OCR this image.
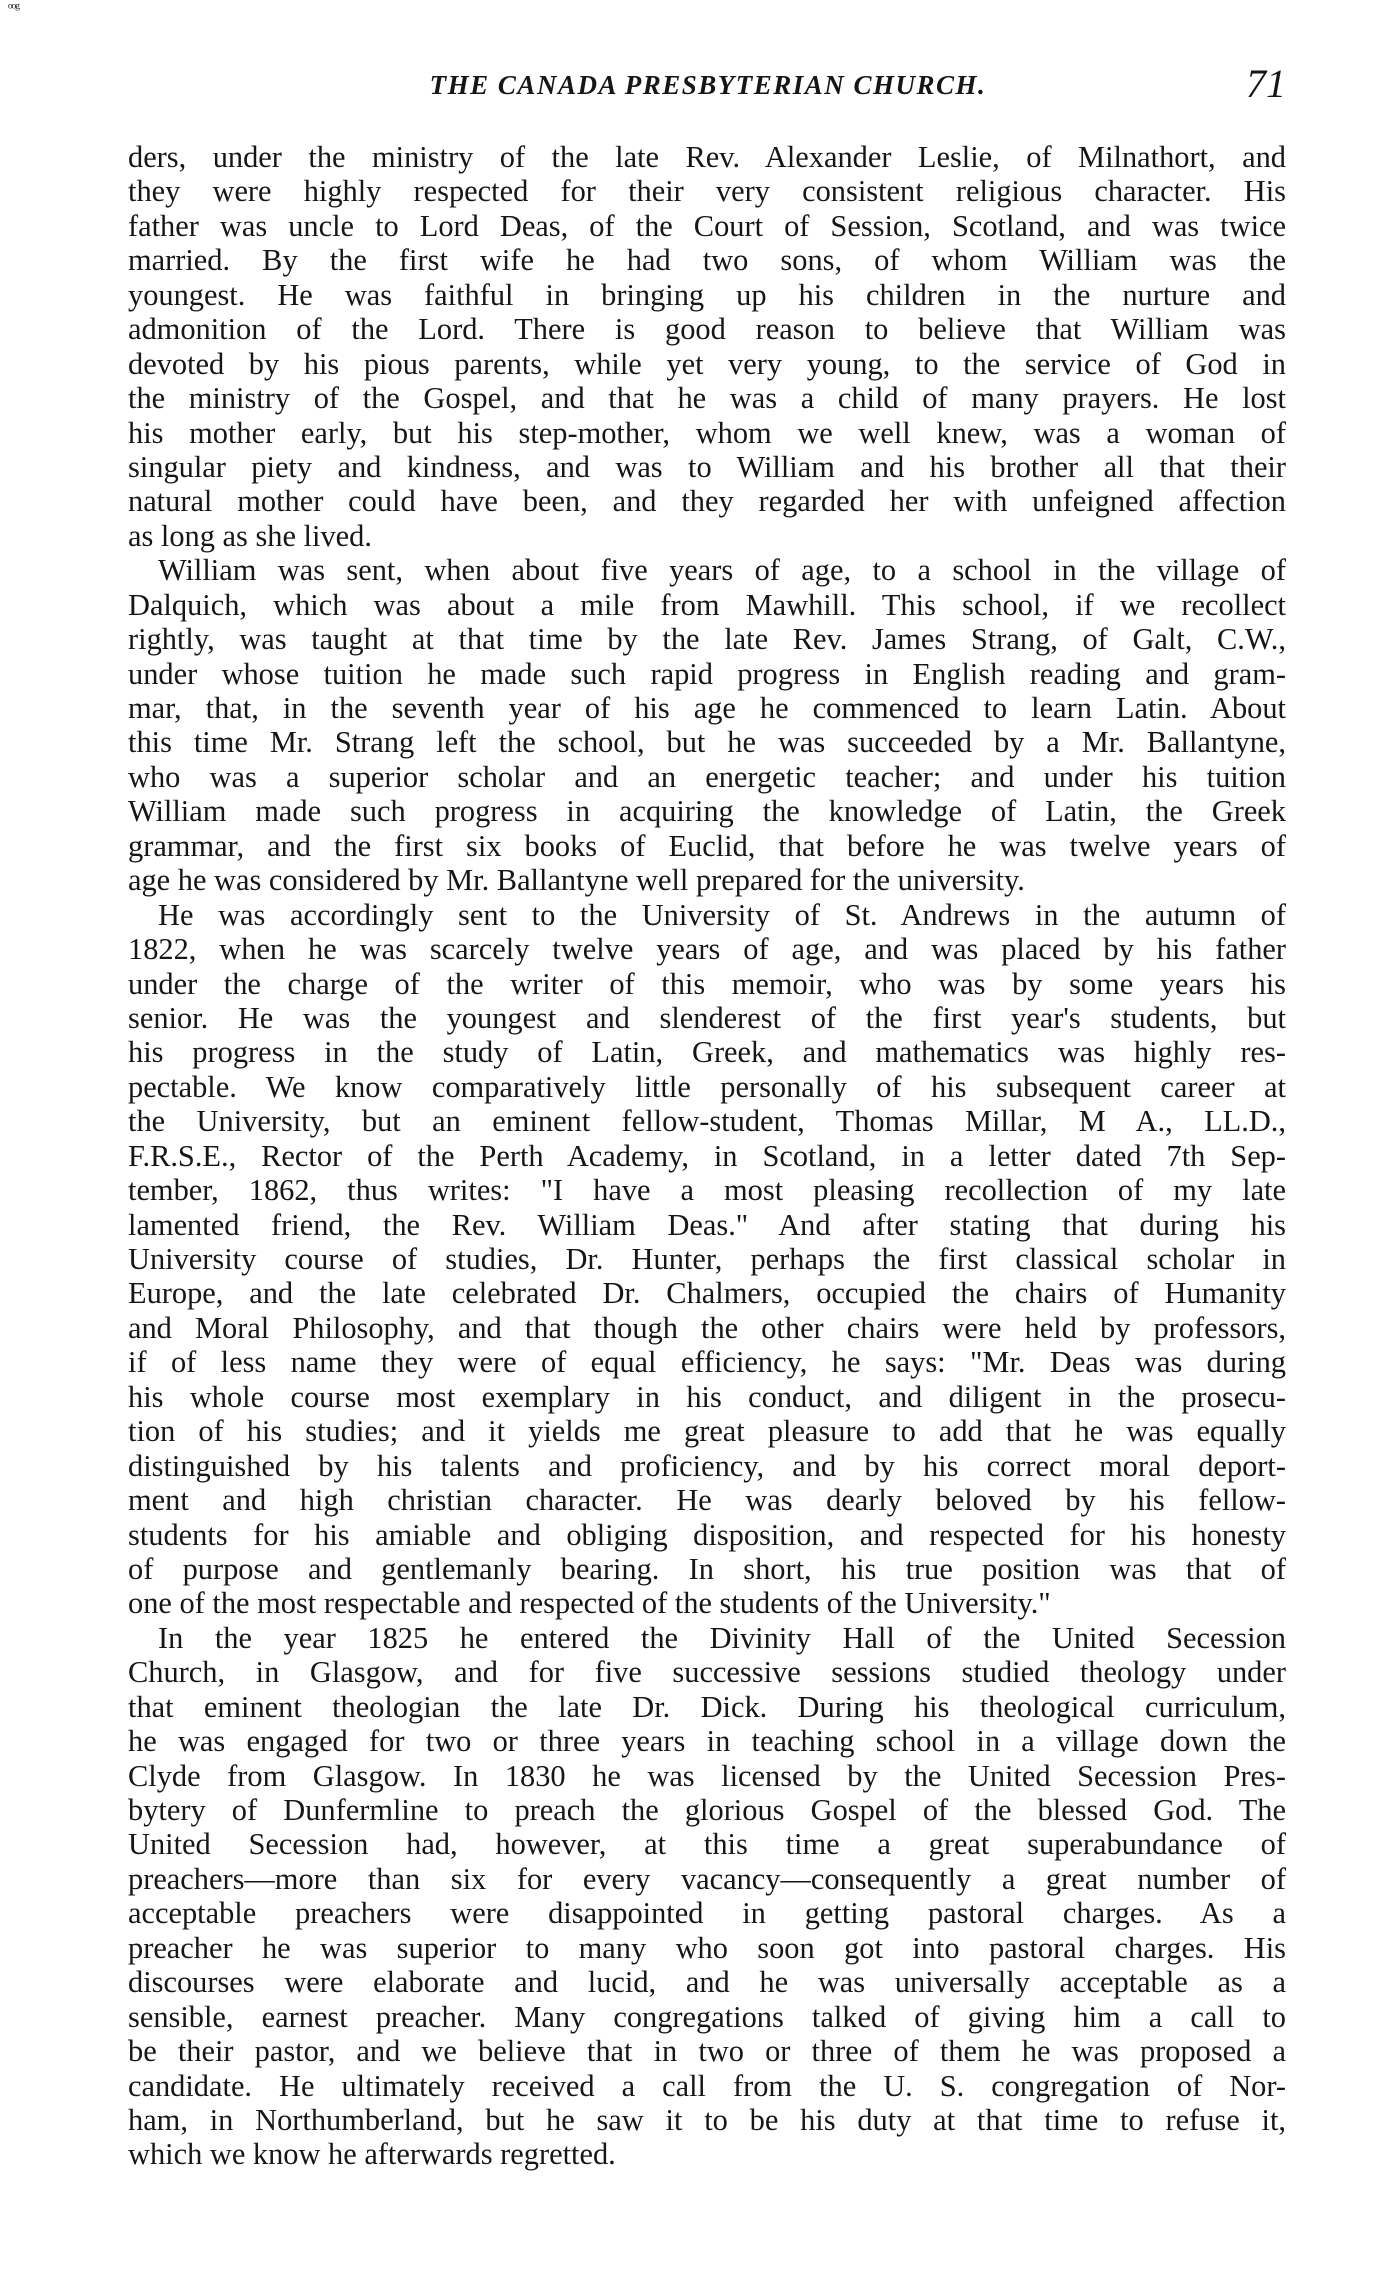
ᵒᵒᵍ
THE CANADA PRESBYTERIAN CHURCH.	71
ders, under the ministry of the late Rev. Alexander Leslie, of Milnathort, and
they were highly respected for their very consistent religious character. His
father was uncle to Lord Deas, of the Court of Session, Scotland, and was twice
married. By the first wife he had two sons, of whom William was the
youngest. He was faithful in bringing up his children in the nurture and
admonition of the Lord. There is good reason to believe that William was
devoted by his pious parents, while yet very young, to the service of God in
the ministry of the Gospel, and that he was a child of many prayers. He lost
his mother early, but his step-mother, whom we well knew, was a woman of
singular piety and kindness, and was to William and his brother all that their
natural mother could have been, and they regarded her with unfeigned affection
as long as she lived.
William was sent, when about five years of age, to a school in the village of
Dalquich, which was about a mile from Mawhill. This school, if we recollect
rightly, was taught at that time by the late Rev. James Strang, of Galt, C.W.,
under whose tuition he made such rapid progress in English reading and gram-
mar, that, in the seventh year of his age he commenced to learn Latin. About
this time Mr. Strang left the school, but he was succeeded by a Mr. Ballantyne,
who was a superior scholar and an energetic teacher; and under his tuition
William made such progress in acquiring the knowledge of Latin, the Greek
grammar, and the first six books of Euclid, that before he was twelve years of
age he was considered by Mr. Ballantyne well prepared for the university.
He was accordingly sent to the University of St. Andrews in the autumn of
1822, when he was scarcely twelve years of age, and was placed by his father
under the charge of the writer of this memoir, who was by some years his
senior. He was the youngest and slenderest of the first year's students, but
his progress in the study of Latin, Greek, and mathematics was highly res-
pectable. We know comparatively little personally of his subsequent career at
the University, but an eminent fellow-student, Thomas Millar, M A., LL.D.,
F.R.S.E., Rector of the Perth Academy, in Scotland, in a letter dated 7th Sep-
tember, 1862, thus writes: "I have a most pleasing recollection of my late
lamented friend, the Rev. William Deas." And after stating that during his
University course of studies, Dr. Hunter, perhaps the first classical scholar in
Europe, and the late celebrated Dr. Chalmers, occupied the chairs of Humanity
and Moral Philosophy, and that though the other chairs were held by professors,
if of less name they were of equal efficiency, he says: "Mr. Deas was during
his whole course most exemplary in his conduct, and diligent in the prosecu-
tion of his studies; and it yields me great pleasure to add that he was equally
distinguished by his talents and proficiency, and by his correct moral deport-
ment and high christian character. He was dearly beloved by his fellow-
students for his amiable and obliging disposition, and respected for his honesty
of purpose and gentlemanly bearing. In short, his true position was that of
one of the most respectable and respected of the students of the University."
In the year 1825 he entered the Divinity Hall of the United Secession
Church, in Glasgow, and for five successive sessions studied theology under
that eminent theologian the late Dr. Dick. During his theological curriculum,
he was engaged for two or three years in teaching school in a village down the
Clyde from Glasgow. In 1830 he was licensed by the United Secession Pres-
bytery of Dunfermline to preach the glorious Gospel of the blessed God. The
United Secession had, however, at this time a great superabundance of
preachers—more than six for every vacancy—consequently a great number of
acceptable preachers were disappointed in getting pastoral charges. As a
preacher he was superior to many who soon got into pastoral charges. His
discourses were elaborate and lucid, and he was universally acceptable as a
sensible, earnest preacher. Many congregations talked of giving him a call to
be their pastor, and we believe that in two or three of them he was proposed a
candidate. He ultimately received a call from the U. S. congregation of Nor-
ham, in Northumberland, but he saw it to be his duty at that time to refuse it,
which we know he afterwards regretted.
